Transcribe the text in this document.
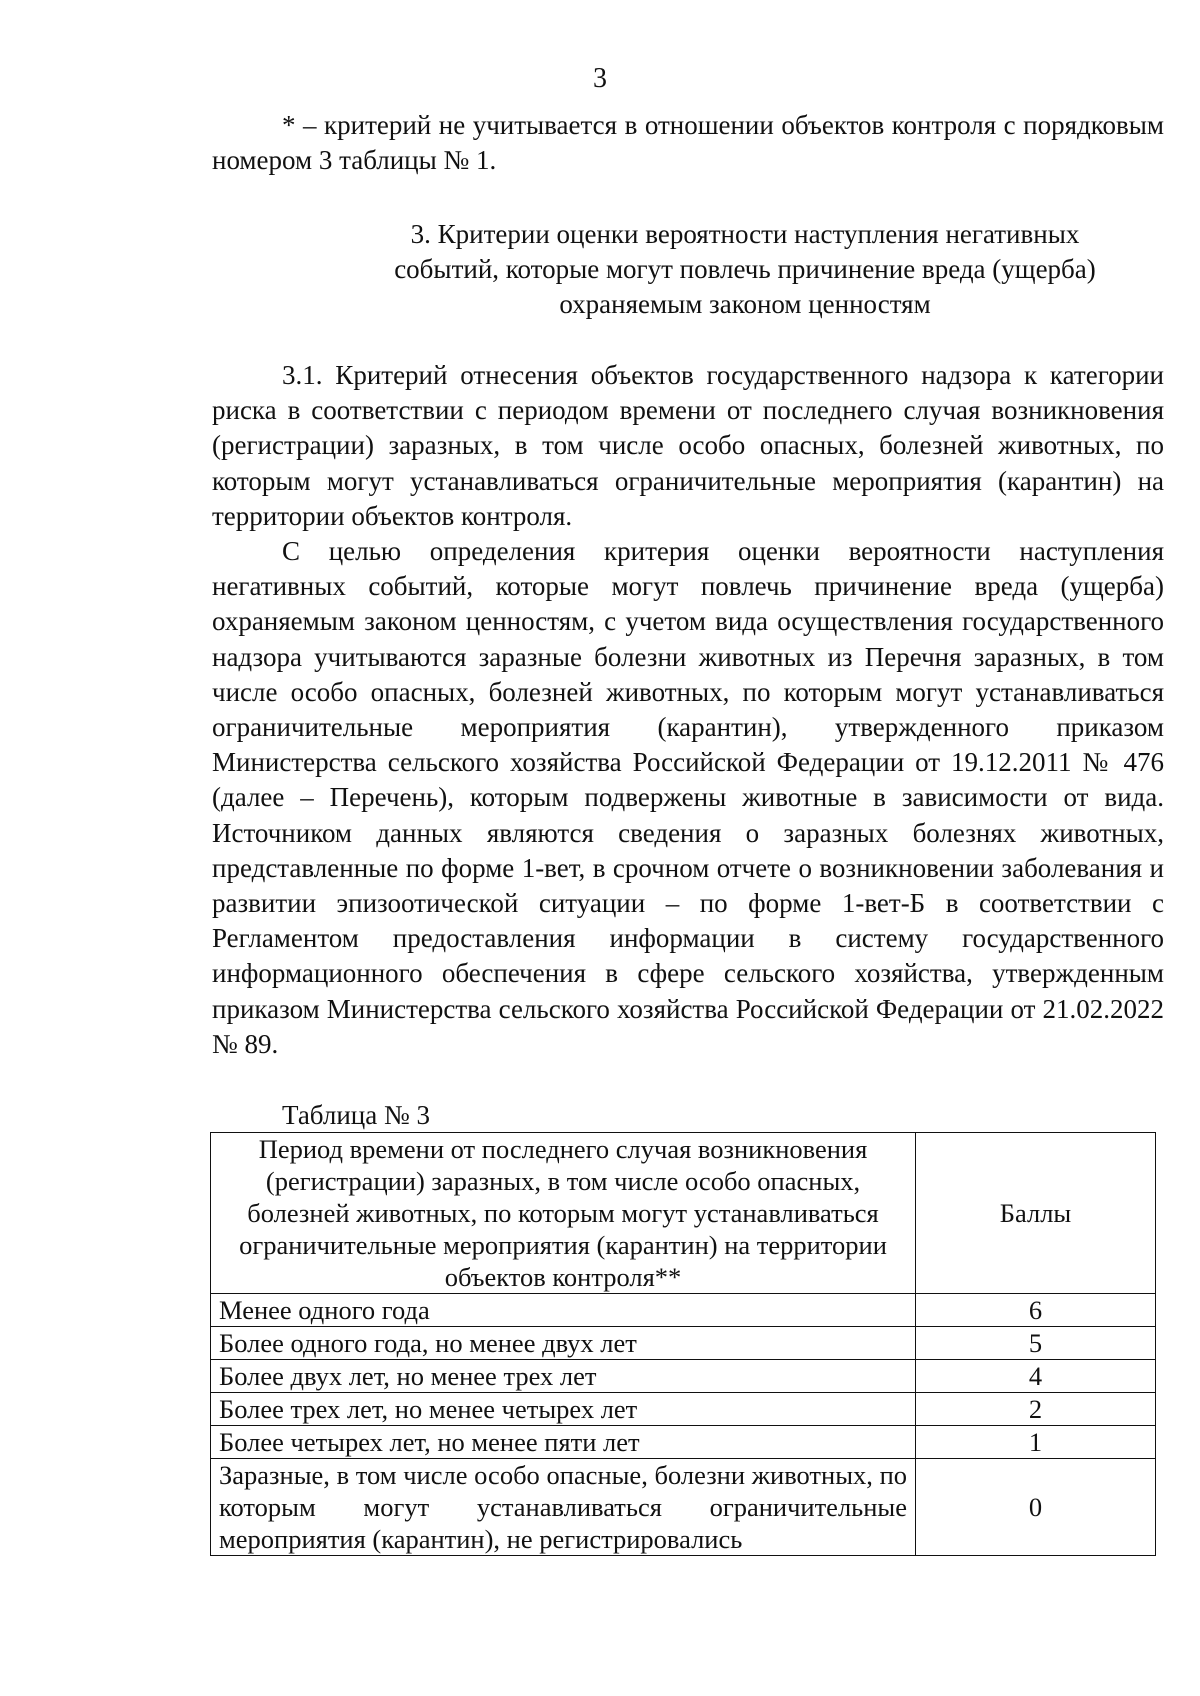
3

* – критерий не учитывается в отношении объектов контроля с порядковым номером 3 таблицы № 1.

3. Критерии оценки вероятности наступления негативных
событий, которые могут повлечь причинение вреда (ущерба)
охраняемым законом ценностям

3.1. Критерий отнесения объектов государственного надзора к категории риска в соответствии с периодом времени от последнего случая возникновения (регистрации) заразных, в том числе особо опасных, болезней животных, по которым могут устанавливаться ограничительные мероприятия (карантин) на территории объектов контроля.

С целью определения критерия оценки вероятности наступления негативных событий, которые могут повлечь причинение вреда (ущерба) охраняемым законом ценностям, с учетом вида осуществления государственного надзора учитываются заразные болезни животных из Перечня заразных, в том числе особо опасных, болезней животных, по которым могут устанавливаться ограничительные мероприятия (карантин), утвержденного приказом Министерства сельского хозяйства Российской Федерации от 19.12.2011 № 476 (далее – Перечень), которым подвержены животные в зависимости от вида. Источником данных являются сведения о заразных болезнях животных, представленные по форме 1-вет, в срочном отчете о возникновении заболевания и развитии эпизоотической ситуации – по форме 1-вет-Б в соответствии с Регламентом предоставления информации в систему государственного информационного обеспечения в сфере сельского хозяйства, утвержденным приказом Министерства сельского хозяйства Российской Федерации от 21.02.2022 № 89.

Таблица № 3
Период времени от последнего случая возникновения (регистрации) заразных, в том числе особо опасных, болезней животных, по которым могут устанавливаться ограничительные мероприятия (карантин) на территории объектов контроля**	Баллы
Менее одного года	6
Более одного года, но менее двух лет	5
Более двух лет, но менее трех лет	4
Более трех лет, но менее четырех лет	2
Более четырех лет, но менее пяти лет	1
Заразные, в том числе особо опасные, болезни животных, по которым могут устанавливаться ограничительные мероприятия (карантин), не регистрировались	0
